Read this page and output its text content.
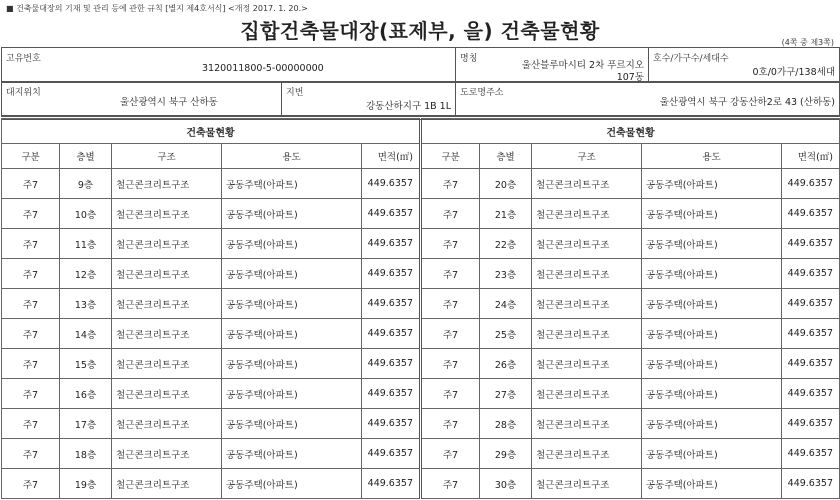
■ 건축물대장의 기재 및 관리 등에 관한 규칙 [별지 제4호서식] <개정 2017. 1. 20.>
집합건축물대장(표제부, 을) 건축물현황	(4쪽 중 제3쪽)
고유번호
3120011800-5-00000000

명칭
울산블루마시티 2차 푸르지오
107동

호수/가구수/세대수
0호/0가구/138세대
대지위치
울산광역시 북구 산하동

지번
강동산하지구 1B 1L

도로명주소
울산광역시 북구 강동산하2로 43 (산하동)
건축물현황					건축물현황				
구분	층별	구조	용도	면적(㎡)	구분	층별	구조	용도	면적(㎡)
주7	9층	철근콘크리트구조	공동주택(아파트)	449.6357	주7	20층	철근콘크리트구조	공동주택(아파트)	449.6357
주7	10층	철근콘크리트구조	공동주택(아파트)	449.6357	주7	21층	철근콘크리트구조	공동주택(아파트)	449.6357
주7	11층	철근콘크리트구조	공동주택(아파트)	449.6357	주7	22층	철근콘크리트구조	공동주택(아파트)	449.6357
주7	12층	철근콘크리트구조	공동주택(아파트)	449.6357	주7	23층	철근콘크리트구조	공동주택(아파트)	449.6357
주7	13층	철근콘크리트구조	공동주택(아파트)	449.6357	주7	24층	철근콘크리트구조	공동주택(아파트)	449.6357
주7	14층	철근콘크리트구조	공동주택(아파트)	449.6357	주7	25층	철근콘크리트구조	공동주택(아파트)	449.6357
주7	15층	철근콘크리트구조	공동주택(아파트)	449.6357	주7	26층	철근콘크리트구조	공동주택(아파트)	449.6357
주7	16층	철근콘크리트구조	공동주택(아파트)	449.6357	주7	27층	철근콘크리트구조	공동주택(아파트)	449.6357
주7	17층	철근콘크리트구조	공동주택(아파트)	449.6357	주7	28층	철근콘크리트구조	공동주택(아파트)	449.6357
주7	18층	철근콘크리트구조	공동주택(아파트)	449.6357	주7	29층	철근콘크리트구조	공동주택(아파트)	449.6357
주7	19층	철근콘크리트구조	공동주택(아파트)	449.6357	주7	30층	철근콘크리트구조	공동주택(아파트)	449.6357
